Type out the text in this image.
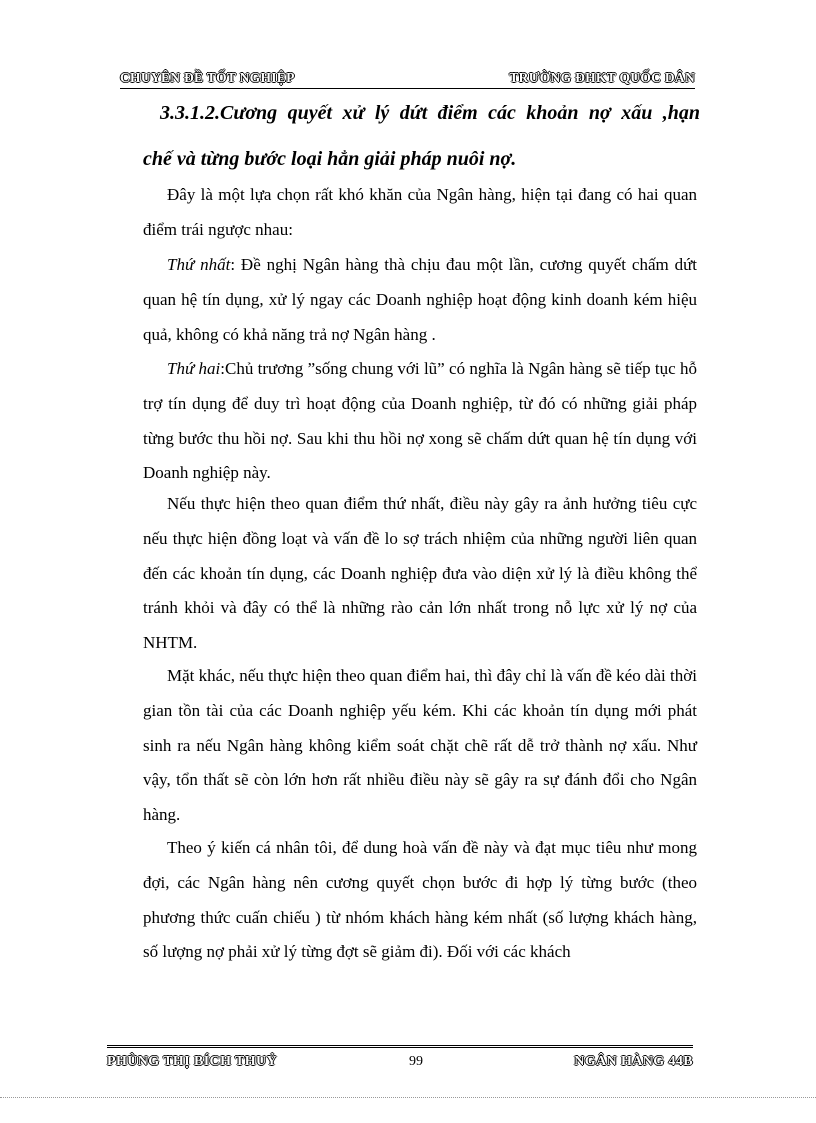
CHUYÊN ĐỀ TỐT NGHIỆP	TRƯỜNG ĐHKT QUỐC DÂN
3.3.1.2.Cương quyết xử lý dứt điểm các khoản nợ xấu ,hạn
chế và từng bước loại hẳn giải pháp nuôi nợ.
Đây là một lựa chọn rất khó khăn của Ngân hàng, hiện tại đang có hai quan điểm trái ngược nhau:
Thứ nhất: Đề nghị Ngân hàng thà chịu đau một lần, cương quyết chấm dứt quan hệ tín dụng, xử lý ngay các Doanh nghiệp hoạt động kinh doanh kém hiệu quả, không có khả năng trả nợ Ngân hàng .
Thứ hai:Chủ trương ”sống chung với lũ” có nghĩa là Ngân hàng sẽ tiếp tục hỗ trợ tín dụng để duy trì hoạt động của Doanh nghiệp, từ đó có những giải pháp từng bước thu hồi nợ. Sau khi thu hồi nợ xong sẽ chấm dứt quan hệ tín dụng với Doanh nghiệp này.
Nếu thực hiện theo quan điểm thứ nhất, điều này gây ra ảnh hưởng tiêu cực nếu thực hiện đồng loạt và vấn đề lo sợ trách nhiệm của những người liên quan đến các khoản tín dụng, các Doanh nghiệp đưa vào diện xử lý là điều không thể tránh khỏi và đây có thể là những rào cản lớn nhất trong nỗ lực xử lý nợ của NHTM.
Mặt khác, nếu thực hiện theo quan điểm hai, thì đây chỉ là vấn đề kéo dài thời gian tồn tài của các Doanh nghiệp yếu kém. Khi các khoản tín dụng mới phát sinh ra nếu Ngân hàng không kiểm soát chặt chẽ rất dễ trở thành nợ xấu. Như vậy, tổn thất sẽ còn lớn hơn rất nhiều điều này sẽ gây ra sự đánh đổi cho Ngân hàng.
Theo ý kiến cá nhân tôi, để dung hoà vấn đề này và đạt mục tiêu như mong đợi, các Ngân hàng nên cương quyết chọn bước đi hợp lý từng bước (theo phương thức cuấn chiếu ) từ nhóm khách hàng kém nhất (số lượng khách hàng, số lượng nợ phải xử lý từng đợt sẽ giảm đi). Đối với các khách
PHÙNG THỊ BÍCH THUỶ	99	NGÂN HÀNG 44B
